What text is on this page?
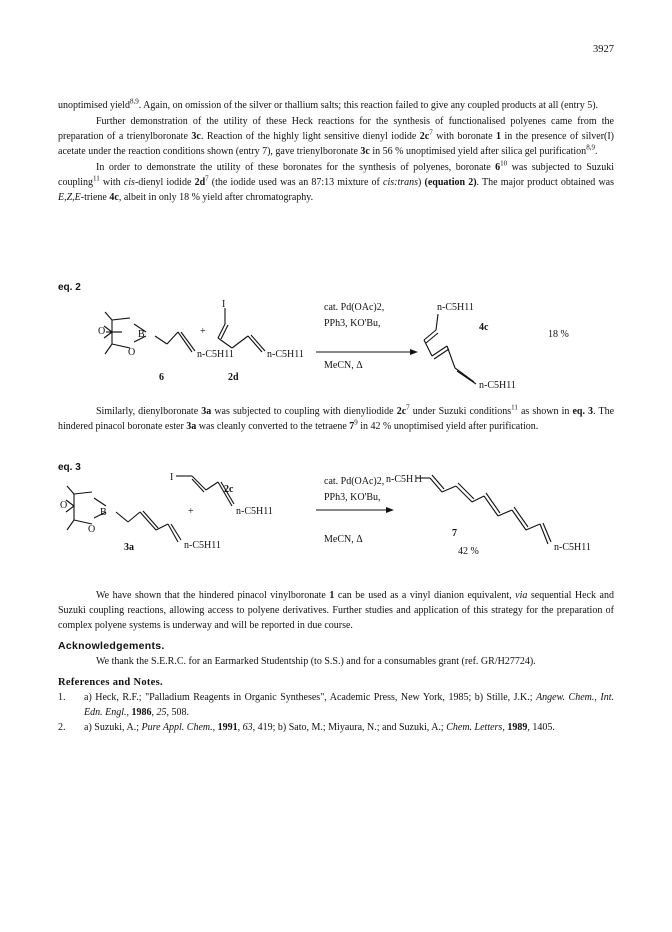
3927

unoptimised yield$^{8,9}$. Again, on omission of the silver or thallium salts; this reaction failed to give any coupled products at all (entry 5).

Further demonstration of the utility of these Heck reactions for the synthesis of functionalised polyenes came from the preparation of a trienylboronate 3c. Reaction of the highly light sensitive dienyl iodide $2c^7$ with boronate 1 in the presence of silver(I) acetate under the reaction conditions shown (entry 7), gave trienylboronate 3c in 56 % unoptimised yield after silica gel purification$^{8,9}$.

In order to demonstrate the utility of these boronates for the synthesis of polyenes, boronate $6^{10}$ was subjected to Suzuki coupling$^{11}$ with cis-dienyl iodide $2d^7$ (the iodide used was an 87:13 mixture of cis:trans) (equation 2). The major product obtained was E,Z,E-triene 4c, albeit in only 18 % yield after chromatography.

eq. 2
O	B
O	n-C5H11
+
I
n-C5H11
6	2d
cat. Pd(OAc)2,
PPh3, KO'Bu,
MeCN, Δ
n-C5H11
4c
18 %
n-C5H11

Similarly, dienylboronate 3a was subjected to coupling with dienyliodide $2c^7$ under Suzuki conditions$^{11}$ as shown in eq. 3. The hindered pinacol boronate ester 3a was cleanly converted to the tetraene $7^9$ in 42 % unoptimised yield after purification.

eq. 3
I
2c
n-C5H11
+
O
B
O
3a	n-C5H11
cat. Pd(OAc)2,
PPh3, KO'Bu,
MeCN, Δ
n-C5H11
7
42 %	n-C5H11

We have shown that the hindered pinacol vinylboronate 1 can be used as a vinyl dianion equivalent, via sequential Heck and Suzuki coupling reactions, allowing access to polyene derivatives. Further studies and application of this strategy for the preparation of complex polyene systems is underway and will be reported in due course.

Acknowledgements.

We thank the S.E.R.C. for an Earmarked Studentship (to S.S.) and for a consumables grant (ref. GR/H27724).

References and Notes.

1. a) Heck, R.F.; "Palladium Reagents in Organic Syntheses", Academic Press, New York, 1985; b) Stille, J.K.; Angew. Chem., Int. Edn. Engl., 1986, 25, 508.

2. a) Suzuki, A.; Pure Appl. Chem., 1991, 63, 419; b) Sato, M.; Miyaura, N.; and Suzuki, A.; Chem. Letters, 1989, 1405.
